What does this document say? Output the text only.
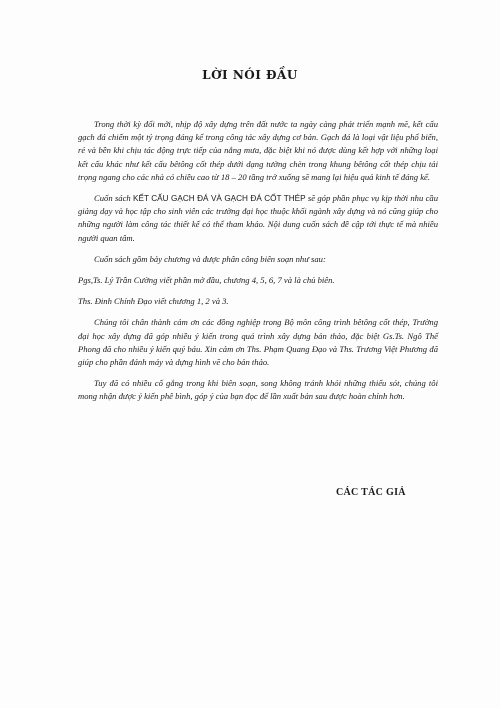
LỜI NÓI ĐẦU

Trong thời kỳ đổi mới, nhịp độ xây dựng trên đất nước ta ngày càng phát triển mạnh mẽ, kết cấu gạch đá chiếm một tỷ trọng đáng kể trong công tác xây dựng cơ bản. Gạch đá là loại vật liệu phổ biến, rẻ và bền khi chịu tác động trực tiếp của nắng mưa, đặc biệt khi nó được dùng kết hợp với những loại kết cấu khác như kết cấu bêtông cốt thép dưới dạng tường chèn trong khung bêtông cốt thép chịu tải trọng ngang cho các nhà có chiều cao từ 18 – 20 tầng trở xuống sẽ mang lại hiệu quả kinh tế đáng kể.

Cuốn sách KẾT CẤU GẠCH ĐÁ VÀ GẠCH ĐÁ CỐT THÉP sẽ góp phần phục vụ kịp thời nhu cầu giảng dạy và học tập cho sinh viên các trường đại học thuộc khối ngành xây dựng và nó cũng giúp cho những người làm công tác thiết kế có thể tham khảo. Nội dung cuốn sách đề cập tới thực tế mà nhiều người quan tâm.

Cuốn sách gồm bảy chương và được phân công biên soạn như sau:

Pgs,Ts. Lý Trần Cường viết phần mở đầu, chương 4, 5, 6, 7 và là chủ biên.

Ths. Đinh Chính Đạo viết chương 1, 2 và 3.

Chúng tôi chân thành cảm ơn các đồng nghiệp trong Bộ môn công trình bêtông cốt thép, Trường đại học xây dựng đã góp nhiều ý kiến trong quá trình xây dựng bản thảo, đặc biệt Gs.Ts. Ngô Thế Phong đã cho nhiều ý kiến quý báu. Xin cảm ơn Ths. Phạm Quang Đạo và Ths. Trương Việt Phương đã giúp cho phần đánh máy và dựng hình vẽ cho bản thảo.

Tuy đã có nhiều cố gắng trong khi biên soạn, song không tránh khỏi những thiếu sót, chúng tôi mong nhận được ý kiến phê bình, góp ý của bạn đọc để lần xuất bản sau được hoàn chỉnh hơn.

CÁC TÁC GIẢ
